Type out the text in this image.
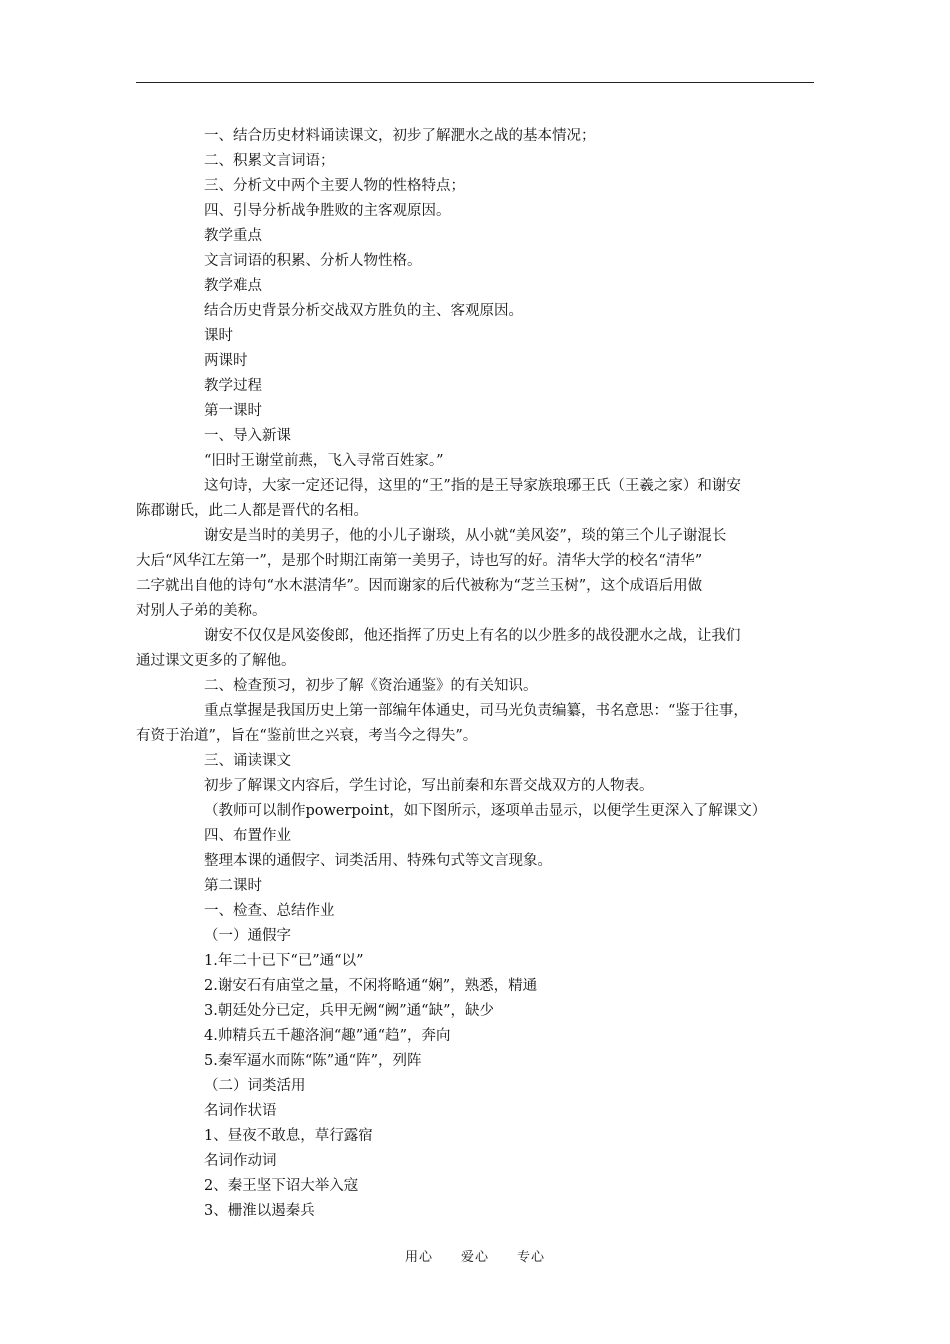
一、结合历史材料诵读课文，初步了解淝水之战的基本情况；
二、积累文言词语；
三、分析文中两个主要人物的性格特点；
四、引导分析战争胜败的主客观原因。
教学重点
文言词语的积累、分析人物性格。
教学难点
结合历史背景分析交战双方胜负的主、客观原因。
课时
两课时
教学过程
第一课时
一、导入新课
“旧时王谢堂前燕，飞入寻常百姓家。”
这句诗，大家一定还记得，这里的“王”指的是王导家族琅琊王氏（王羲之家）和谢安
陈郡谢氏，此二人都是晋代的名相。
谢安是当时的美男子，他的小儿子谢琰，从小就“美风姿”，琰的第三个儿子谢混长
大后“风华江左第一”，是那个时期江南第一美男子，诗也写的好。清华大学的校名“清华”
二字就出自他的诗句“水木湛清华”。因而谢家的后代被称为“芝兰玉树”，这个成语后用做
对别人子弟的美称。
谢安不仅仅是风姿俊郎，他还指挥了历史上有名的以少胜多的战役淝水之战，让我们
通过课文更多的了解他。
二、检查预习，初步了解《资治通鉴》的有关知识。
重点掌握是我国历史上第一部编年体通史，司马光负责编纂，书名意思：“鉴于往事，
有资于治道”，旨在“鉴前世之兴衰，考当今之得失”。
三、诵读课文
初步了解课文内容后，学生讨论，写出前秦和东晋交战双方的人物表。
（教师可以制作powerpoint，如下图所示，逐项单击显示，以便学生更深入了解课文）
四、布置作业
整理本课的通假字、词类活用、特殊句式等文言现象。
第二课时
一、检查、总结作业
（一）通假字
1.年二十已下“已”通“以”
2.谢安石有庙堂之量，不闲将略通“娴”，熟悉，精通
3.朝廷处分已定，兵甲无阙“阙”通“缺”，缺少
4.帅精兵五千趣洛涧“趣”通“趋”，奔向
5.秦军逼水而陈“陈”通“阵”，列阵
（二）词类活用
名词作状语
1、昼夜不敢息，草行露宿
名词作动词
2、秦王坚下诏大举入寇
3、栅淮以遏秦兵
用心　　爱心　　专心
